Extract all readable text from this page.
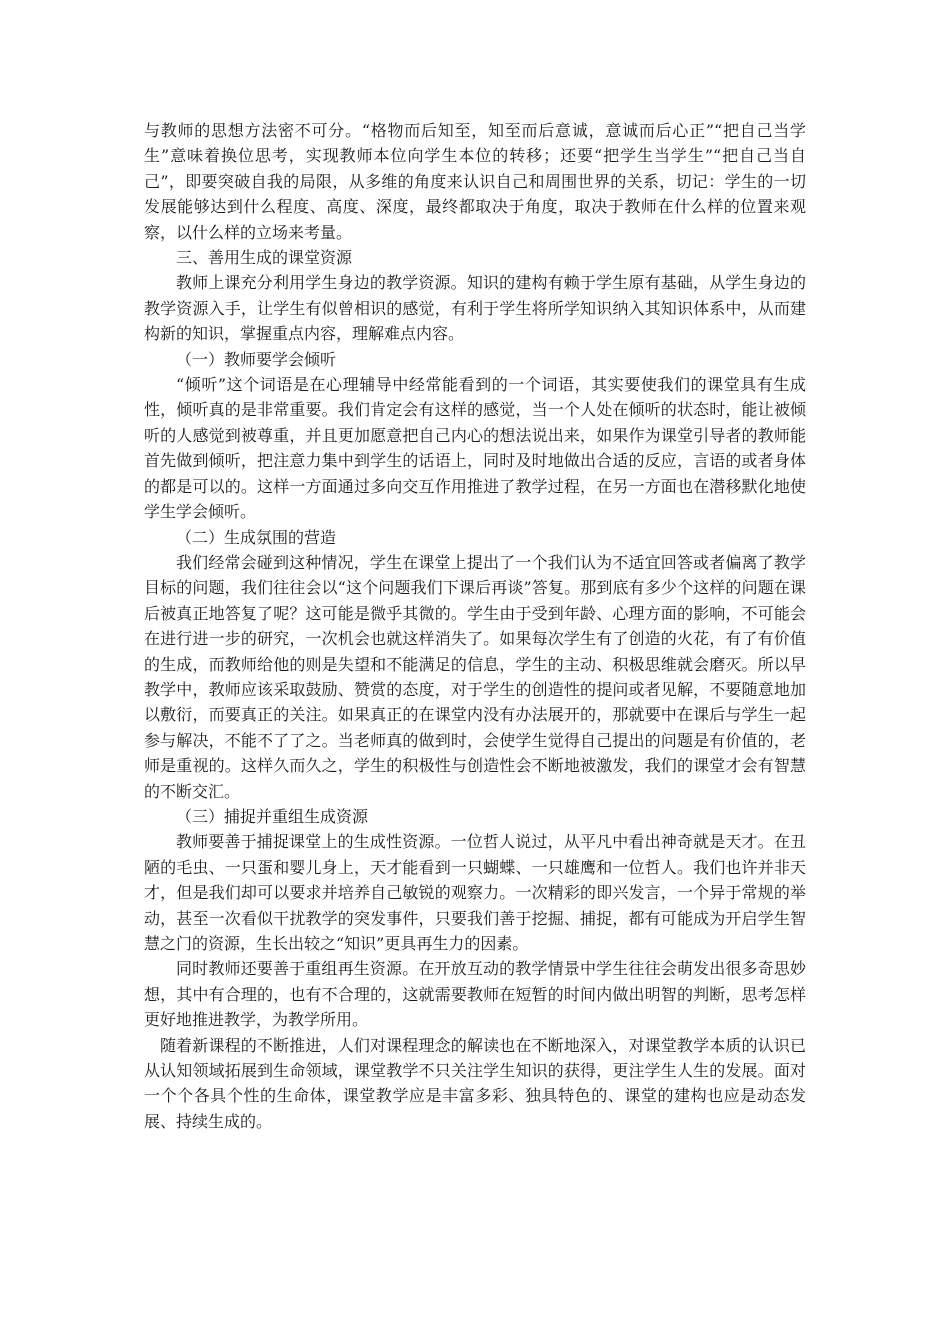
与教师的思想方法密不可分。“格物而后知至，知至而后意诚，意诚而后心正”“把自己当学生”意味着换位思考，实现教师本位向学生本位的转移；还要“把学生当学生”“把自己当自己”，即要突破自我的局限，从多维的角度来认识自己和周围世界的关系，切记：学生的一切发展能够达到什么程度、高度、深度，最终都取决于角度，取决于教师在什么样的位置来观察，以什么样的立场来考量。

三、善用生成的课堂资源

教师上课充分利用学生身边的教学资源。知识的建构有赖于学生原有基础，从学生身边的教学资源入手，让学生有似曾相识的感觉，有利于学生将所学知识纳入其知识体系中，从而建构新的知识，掌握重点内容，理解难点内容。

（一）教师要学会倾听

“倾听”这个词语是在心理辅导中经常能看到的一个词语，其实要使我们的课堂具有生成性，倾听真的是非常重要。我们肯定会有这样的感觉，当一个人处在倾听的状态时，能让被倾听的人感觉到被尊重，并且更加愿意把自己内心的想法说出来，如果作为课堂引导者的教师能首先做到倾听，把注意力集中到学生的话语上，同时及时地做出合适的反应，言语的或者身体的都是可以的。这样一方面通过多向交互作用推进了教学过程，在另一方面也在潜移默化地使学生学会倾听。

（二）生成氛围的营造

我们经常会碰到这种情况，学生在课堂上提出了一个我们认为不适宜回答或者偏离了教学目标的问题，我们往往会以“这个问题我们下课后再谈”答复。那到底有多少个这样的问题在课后被真正地答复了呢？这可能是微乎其微的。学生由于受到年龄、心理方面的影响，不可能会在进行进一步的研究，一次机会也就这样消失了。如果每次学生有了创造的火花，有了有价值的生成，而教师给他的则是失望和不能满足的信息，学生的主动、积极思维就会磨灭。所以早教学中，教师应该采取鼓励、赞赏的态度，对于学生的创造性的提问或者见解，不要随意地加以敷衍，而要真正的关注。如果真正的在课堂内没有办法展开的，那就要中在课后与学生一起参与解决，不能不了了之。当老师真的做到时，会使学生觉得自己提出的问题是有价值的，老师是重视的。这样久而久之，学生的积极性与创造性会不断地被激发，我们的课堂才会有智慧的不断交汇。

（三）捕捉并重组生成资源

教师要善于捕捉课堂上的生成性资源。一位哲人说过，从平凡中看出神奇就是天才。在丑陋的毛虫、一只蛋和婴儿身上，天才能看到一只蝴蝶、一只雄鹰和一位哲人。我们也许并非天才，但是我们却可以要求并培养自己敏锐的观察力。一次精彩的即兴发言，一个异于常规的举动，甚至一次看似干扰教学的突发事件，只要我们善于挖掘、捕捉，都有可能成为开启学生智慧之门的资源，生长出较之“知识”更具再生力的因素。

同时教师还要善于重组再生资源。在开放互动的教学情景中学生往往会萌发出很多奇思妙想，其中有合理的，也有不合理的，这就需要教师在短暂的时间内做出明智的判断，思考怎样更好地推进教学，为教学所用。

随着新课程的不断推进，人们对课程理念的解读也在不断地深入，对课堂教学本质的认识已从认知领域拓展到生命领域，课堂教学不只关注学生知识的获得，更注学生人生的发展。面对一个个各具个性的生命体，课堂教学应是丰富多彩、独具特色的、课堂的建构也应是动态发展、持续生成的。
